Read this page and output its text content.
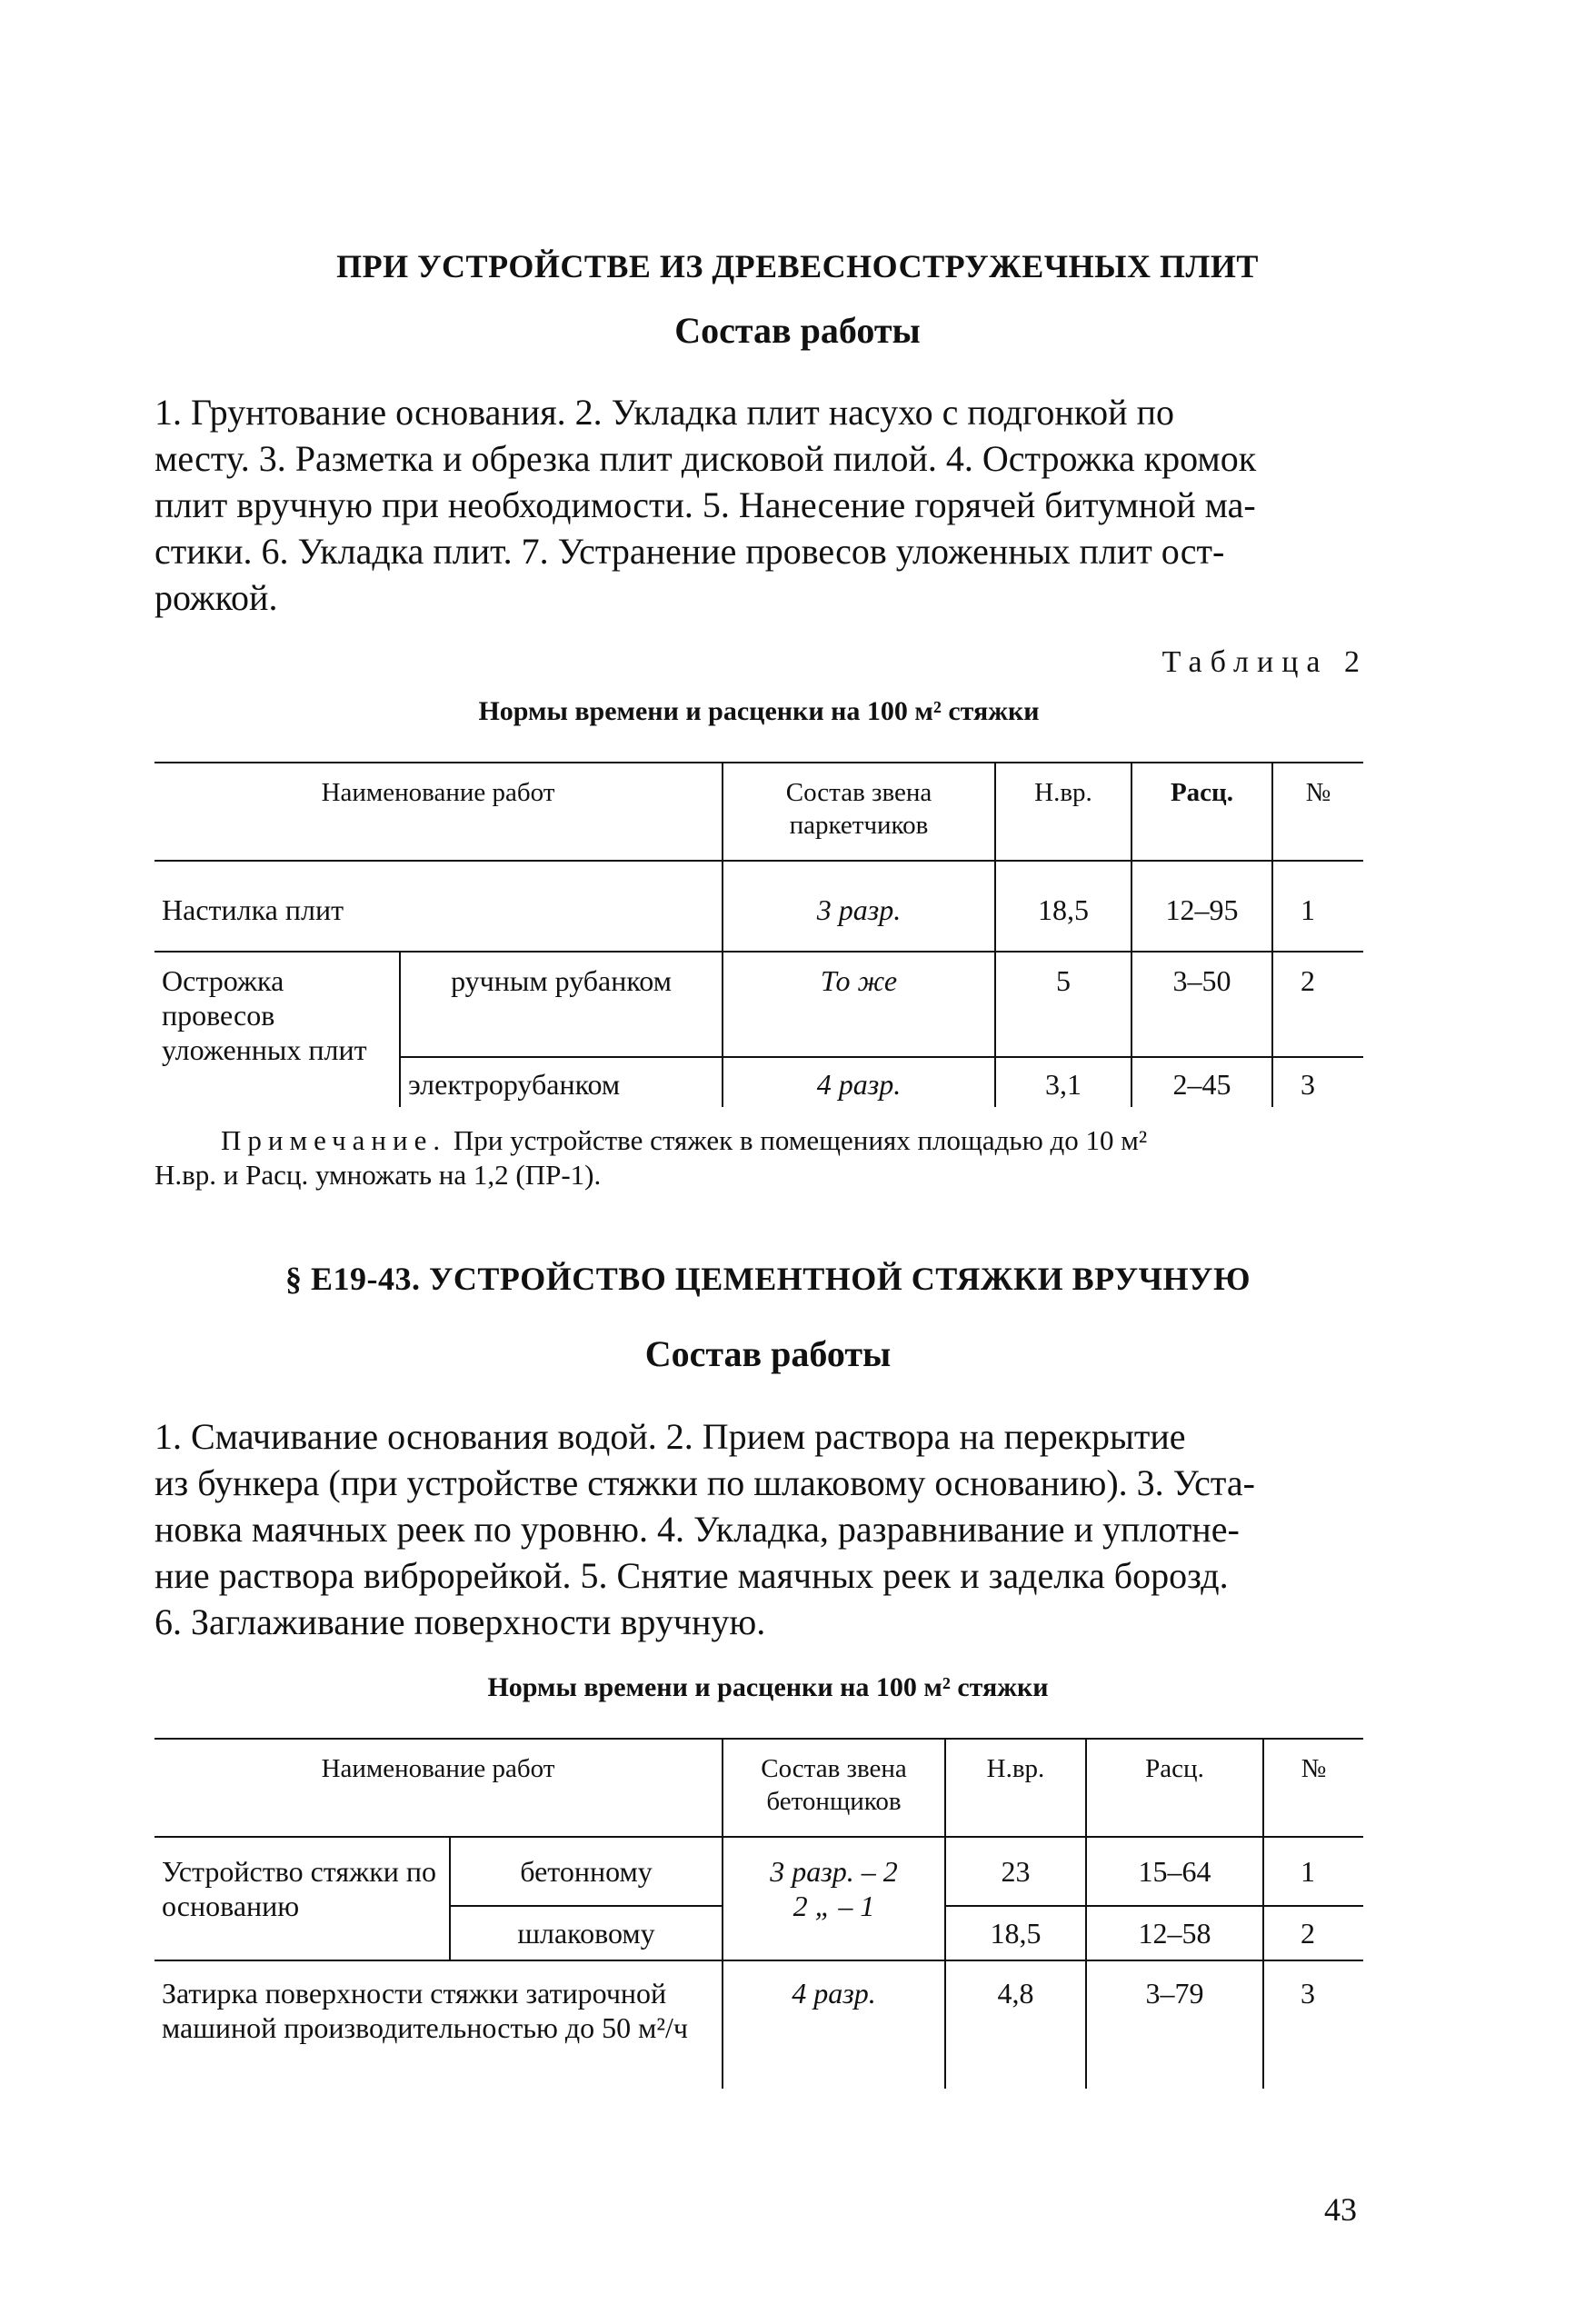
ПРИ УСТРОЙСТВЕ ИЗ ДРЕВЕСНОСТРУЖЕЧНЫХ ПЛИТ
Состав работы
1. Грунтование основания. 2. Укладка плит насухо с подгонкой по
месту. 3. Разметка и обрезка плит дисковой пилой. 4. Острожка кромок
плит вручную при необходимости. 5. Нанесение горячей битумной ма-
стики. 6. Укладка плит. 7. Устранение провесов уложенных плит ост-
рожкой.
Таблица 2
Нормы времени и расценки на 100 м² стяжки
Наименование работ		Состав звена паркетчиков	Н.вр.	Расц.	№
Настилка плит		3 разр.	18,5	12–95	1
Острожка провесов уложенных плит	ручным рубанком	То же	5	3–50	2
	электрорубанком	4 разр.	3,1	2–45	3
Примечание. При устройстве стяжек в помещениях площадью до 10 м²
Н.вр. и Расц. умножать на 1,2 (ПР-1).
§ Е19-43. УСТРОЙСТВО ЦЕМЕНТНОЙ СТЯЖКИ ВРУЧНУЮ
Состав работы
1. Смачивание основания водой. 2. Прием раствора на перекрытие
из бункера (при устройстве стяжки по шлаковому основанию). 3. Уста-
новка маячных реек по уровню. 4. Укладка, разравнивание и уплотне-
ние раствора виброрейкой. 5. Снятие маячных реек и заделка борозд.
6. Заглаживание поверхности вручную.
Нормы времени и расценки на 100 м² стяжки
Наименование работ		Состав звена бетонщиков	Н.вр.	Расц.	№
Устройство стяжки по основанию	бетонному	3 разр. – 2
2 „ – 1	23	15–64	1
	шлаковому		18,5	12–58	2
Затирка поверхности стяжки затирочной машиной производительностью до 50 м²/ч		4 разр.	4,8	3–79	3
43
